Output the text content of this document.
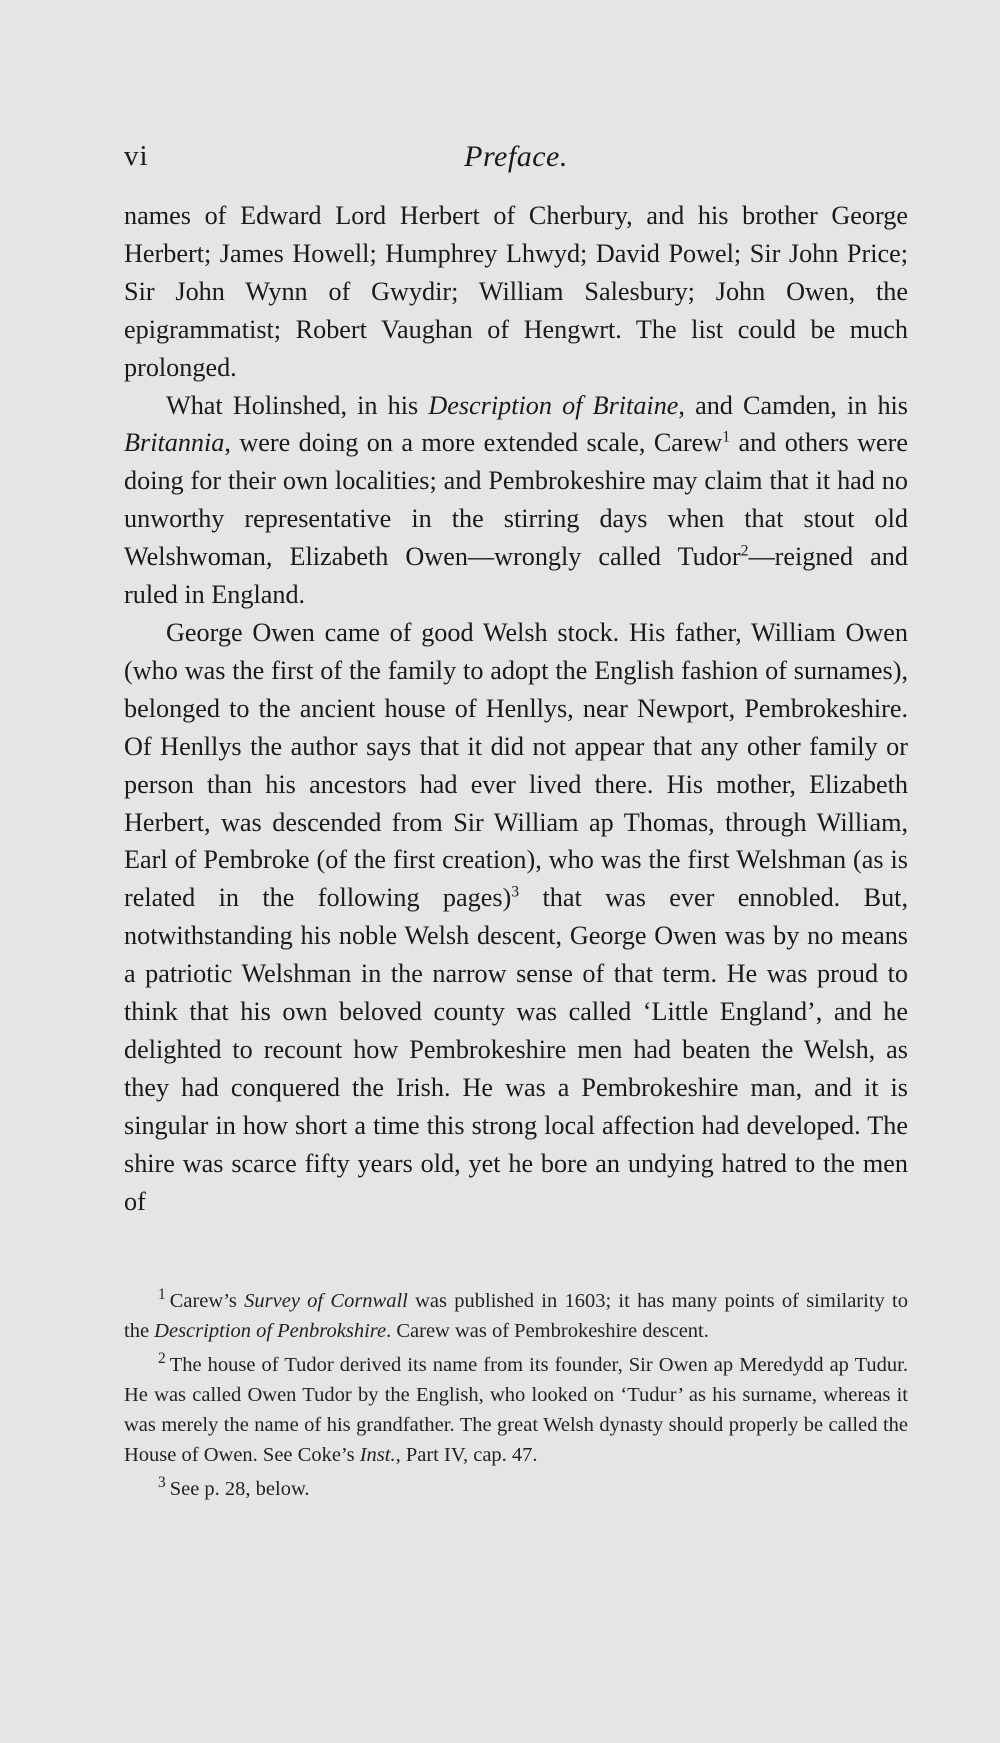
vi	Preface.

names of Edward Lord Herbert of Cherbury, and his brother George Herbert; James Howell; Humphrey Lhwyd; David Powel; Sir John Price; Sir John Wynn of Gwydir; William Salesbury; John Owen, the epigrammatist; Robert Vaughan of Hengwrt. The list could be much prolonged.

What Holinshed, in his Description of Britaine, and Camden, in his Britannia, were doing on a more extended scale, Carew$^1$ and others were doing for their own localities; and Pembrokeshire may claim that it had no unworthy representative in the stirring days when that stout old Welshwoman, Elizabeth Owen—wrongly called Tudor$^2$—reigned and ruled in England.

George Owen came of good Welsh stock. His father, William Owen (who was the first of the family to adopt the English fashion of surnames), belonged to the ancient house of Henllys, near Newport, Pembrokeshire. Of Henllys the author says that it did not appear that any other family or person than his ancestors had ever lived there. His mother, Elizabeth Herbert, was descended from Sir William ap Thomas, through William, Earl of Pembroke (of the first creation), who was the first Welshman (as is related in the following pages)$^3$ that was ever ennobled. But, notwithstanding his noble Welsh descent, George Owen was by no means a patriotic Welshman in the narrow sense of that term. He was proud to think that his own beloved county was called ‘Little England’, and he delighted to recount how Pembrokeshire men had beaten the Welsh, as they had conquered the Irish. He was a Pembrokeshire man, and it is singular in how short a time this strong local affection had developed. The shire was scarce fifty years old, yet he bore an undying hatred to the men of

$^1$ Carew’s Survey of Cornwall was published in 1603; it has many points of similarity to the Description of Penbrokshire. Carew was of Pembrokeshire descent.

$^2$ The house of Tudor derived its name from its founder, Sir Owen ap Meredydd ap Tudur. He was called Owen Tudor by the English, who looked on ‘Tudur’ as his surname, whereas it was merely the name of his grandfather. The great Welsh dynasty should properly be called the House of Owen. See Coke’s Inst., Part IV, cap. 47.

$^3$ See p. 28, below.
